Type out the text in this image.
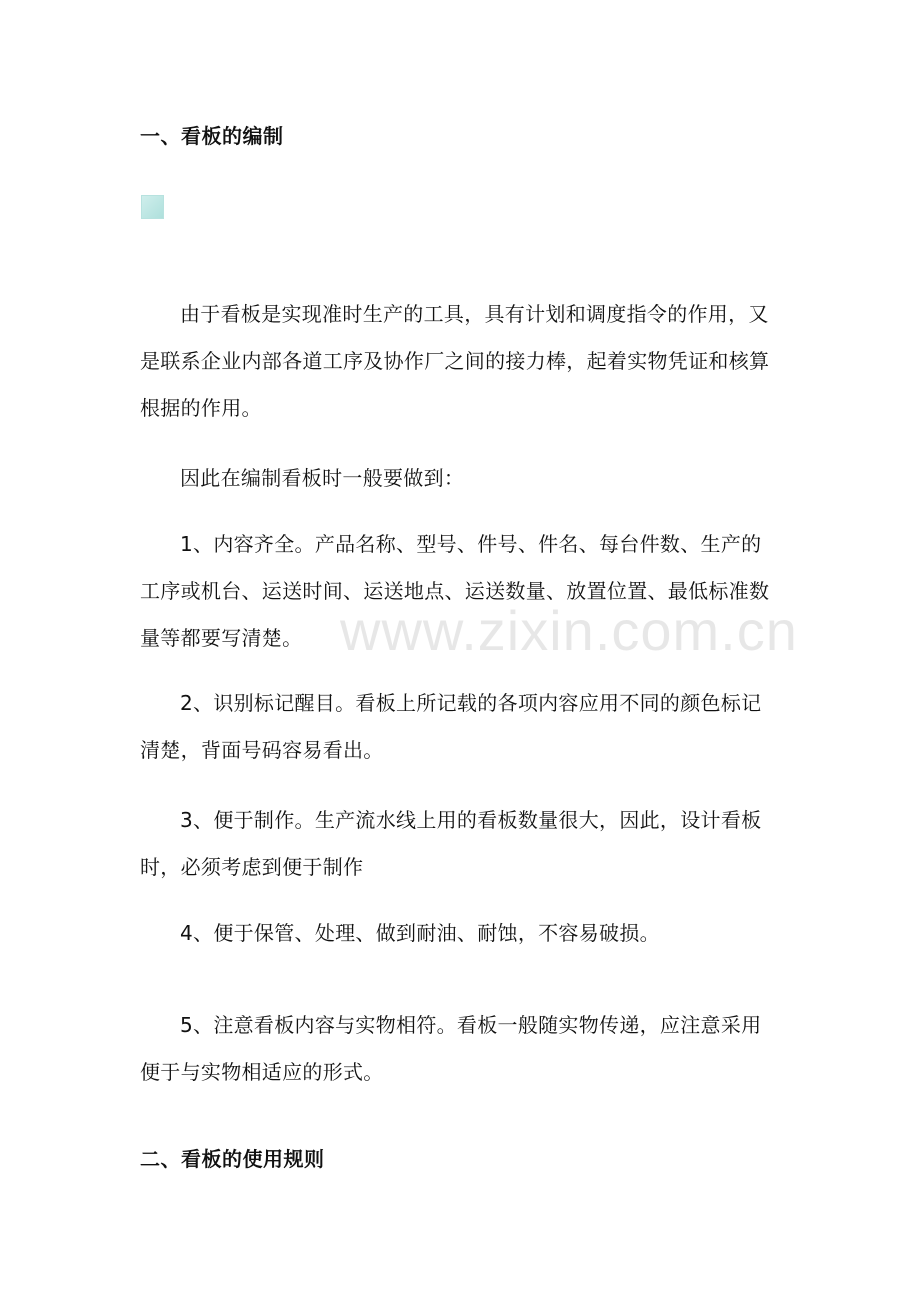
一、看板的编制

由于看板是实现准时生产的工具，具有计划和调度指令的作用，又是联系企业内部各道工序及协作厂之间的接力棒，起着实物凭证和核算根据的作用。

因此在编制看板时一般要做到：

1、内容齐全。产品名称、型号、件号、件名、每台件数、生产的工序或机台、运送时间、运送地点、运送数量、放置位置、最低标准数量等都要写清楚。

2、识别标记醒目。看板上所记载的各项内容应用不同的颜色标记清楚，背面号码容易看出。

3、便于制作。生产流水线上用的看板数量很大，因此，设计看板时，必须考虑到便于制作

4、便于保管、处理、做到耐油、耐蚀，不容易破损。

5、注意看板内容与实物相符。看板一般随实物传递，应注意采用便于与实物相适应的形式。

二、看板的使用规则
www.zixin.com.cn
